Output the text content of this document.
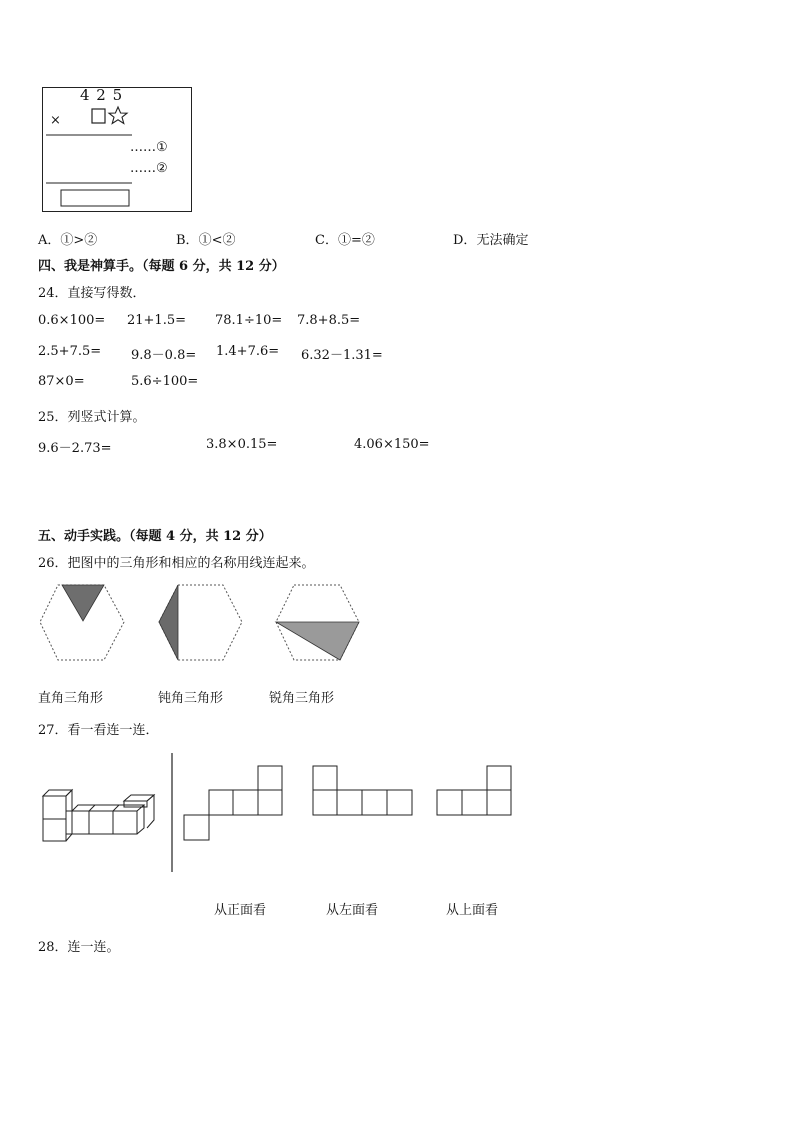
4 2 5
×
……①
……②
A．①>②	B．①<②	C．①=②	D．无法确定
四、我是神算手。（每题 6 分，共 12 分）
24．直接写得数．
0.6×100= 21+1.5= 78.1÷10= 7.8+8.5=
2.5+7.5= 9.8－0.8= 1.4+7.6= 6.32－1.31=
87×0=	5.6÷100=
25．列竖式计算。
9.6－2.73=	3.8×0.15=	4.06×150=
五、动手实践。（每题 4 分，共 12 分）
26．把图中的三角形和相应的名称用线连起来。
直角三角形	钝角三角形	锐角三角形
27．看一看连一连．
从正面看	从左面看	从上面看
28．连一连。
